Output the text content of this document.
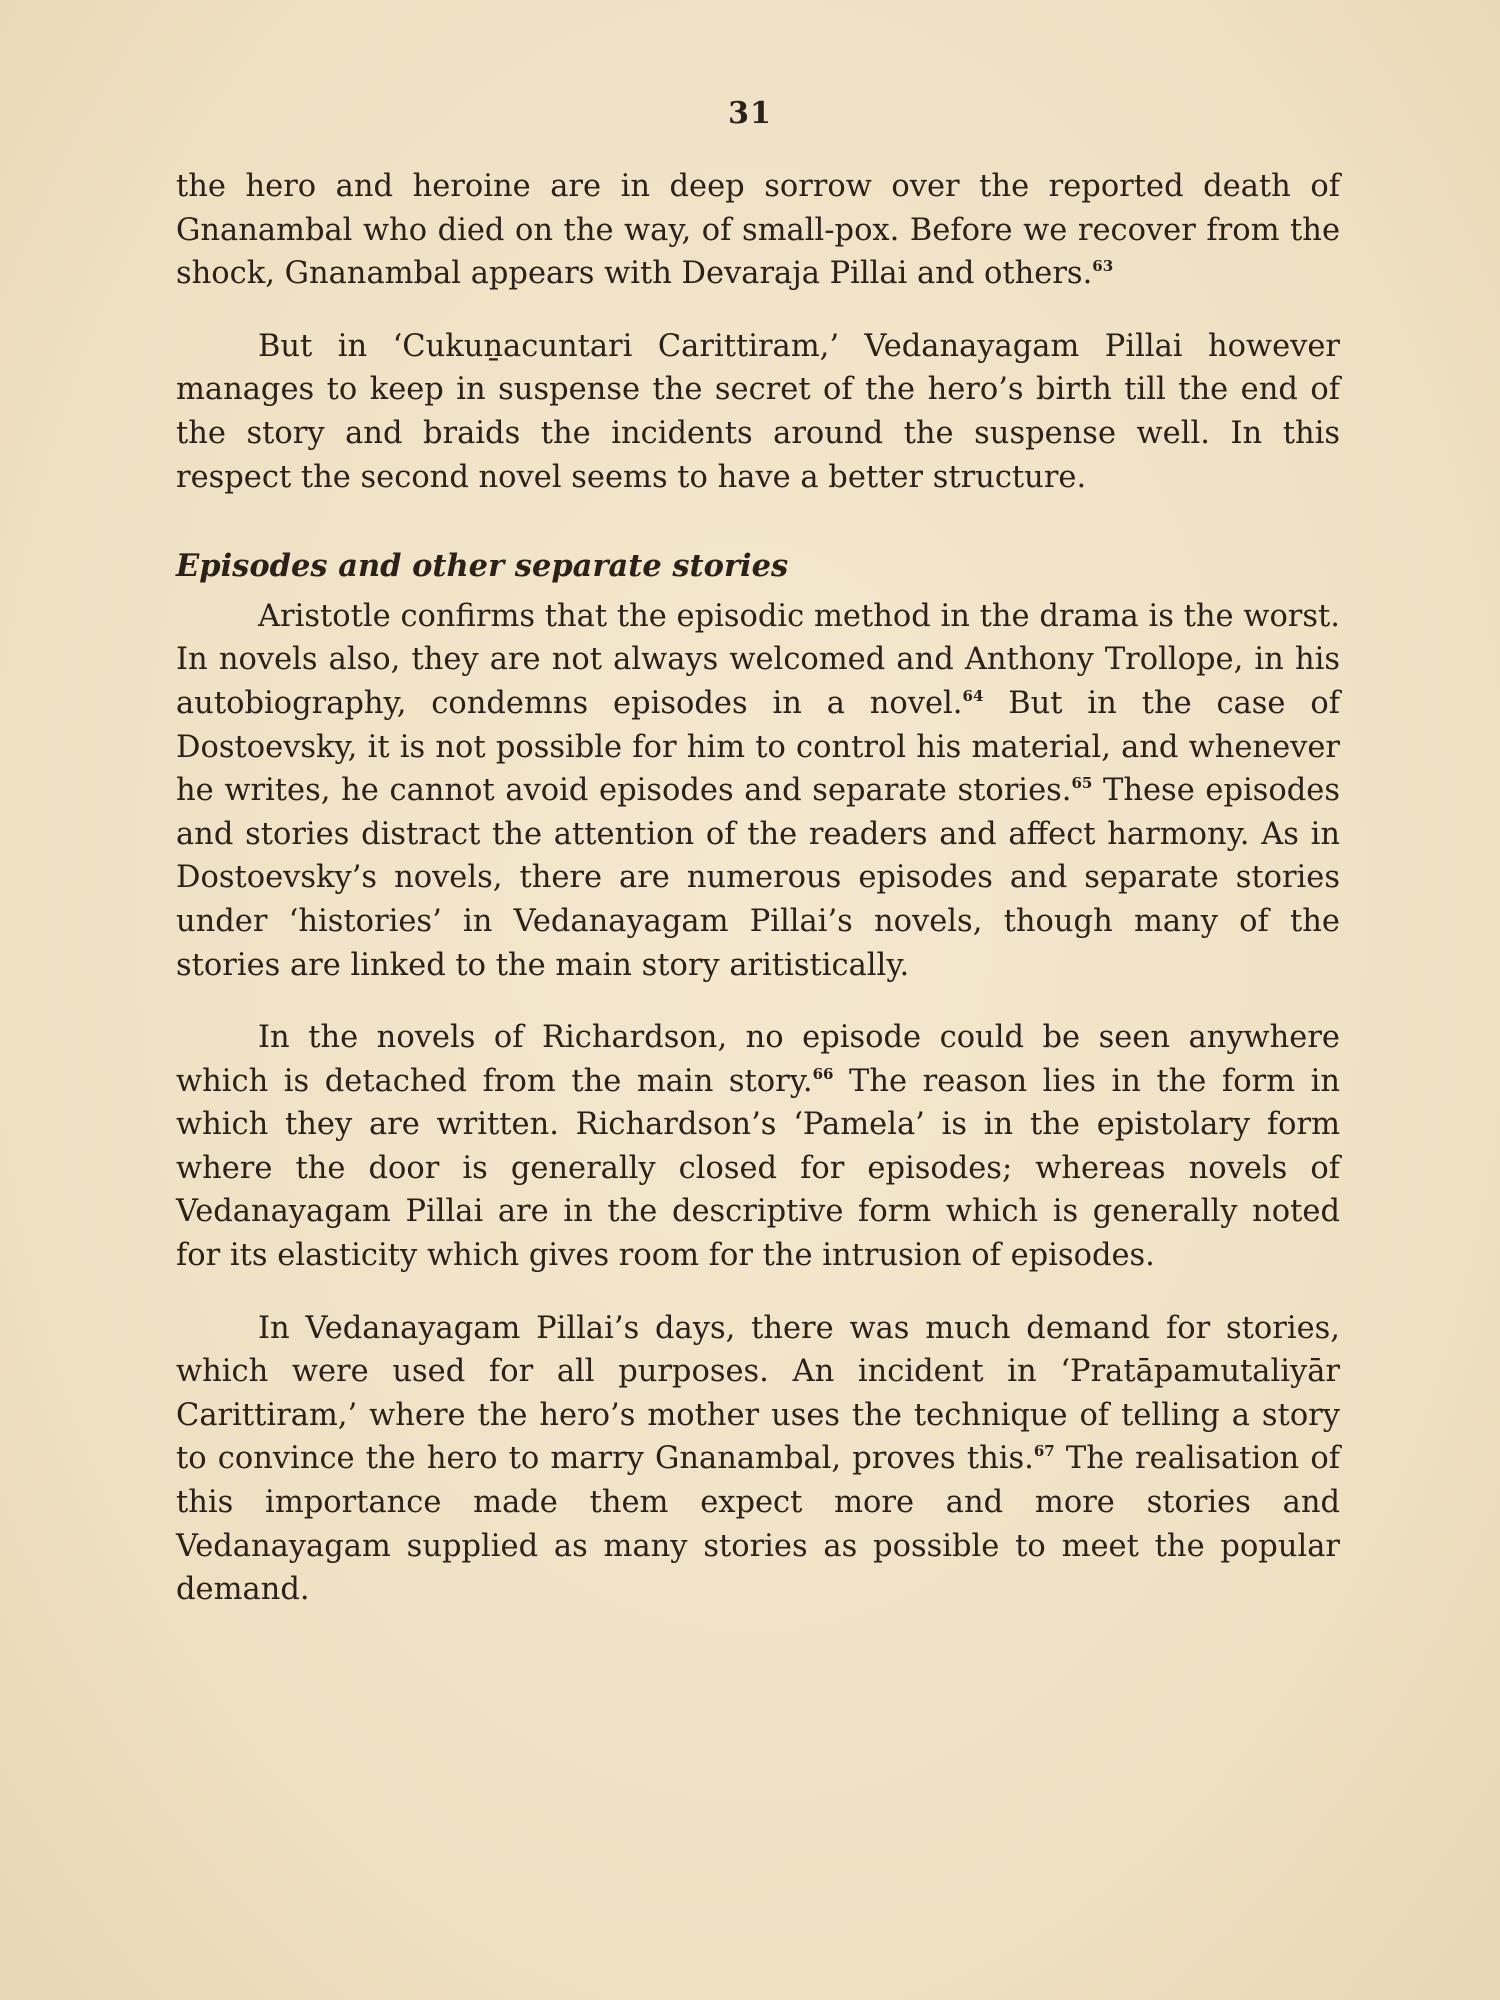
31

the hero and heroine are in deep sorrow over the reported death of Gnanambal who died on the way, of small-pox. Before we recover from the shock, Gnanambal appears with Devaraja Pillai and others.$^{63}$

But in ‘Cukuṉacuntari Carittiram,’ Vedanayagam Pillai however manages to keep in suspense the secret of the hero’s birth till the end of the story and braids the incidents around the suspense well. In this respect the second novel seems to have a better structure.

Episodes and other separate stories

Aristotle confirms that the episodic method in the drama is the worst. In novels also, they are not always welcomed and Anthony Trollope, in his autobiography, condemns episodes in a novel.$^{64}$ But in the case of Dostoevsky, it is not possible for him to control his material, and whenever he writes, he cannot avoid episodes and separate stories.$^{65}$ These episodes and stories distract the attention of the readers and affect harmony. As in Dostoevsky’s novels, there are numerous episodes and separate stories under ‘histories’ in Vedanayagam Pillai’s novels, though many of the stories are linked to the main story aritistically.

In the novels of Richardson, no episode could be seen anywhere which is detached from the main story.$^{66}$ The reason lies in the form in which they are written. Richardson’s ‘Pamela’ is in the epistolary form where the door is generally closed for episodes; whereas novels of Vedanayagam Pillai are in the descriptive form which is generally noted for its elasticity which gives room for the intrusion of episodes.

In Vedanayagam Pillai’s days, there was much demand for stories, which were used for all purposes. An incident in ‘Pratāpamutaliyār Carittiram,’ where the hero’s mother uses the technique of telling a story to convince the hero to marry Gnanambal, proves this.$^{67}$ The realisation of this importance made them expect more and more stories and Vedanayagam supplied as many stories as possible to meet the popular demand.
